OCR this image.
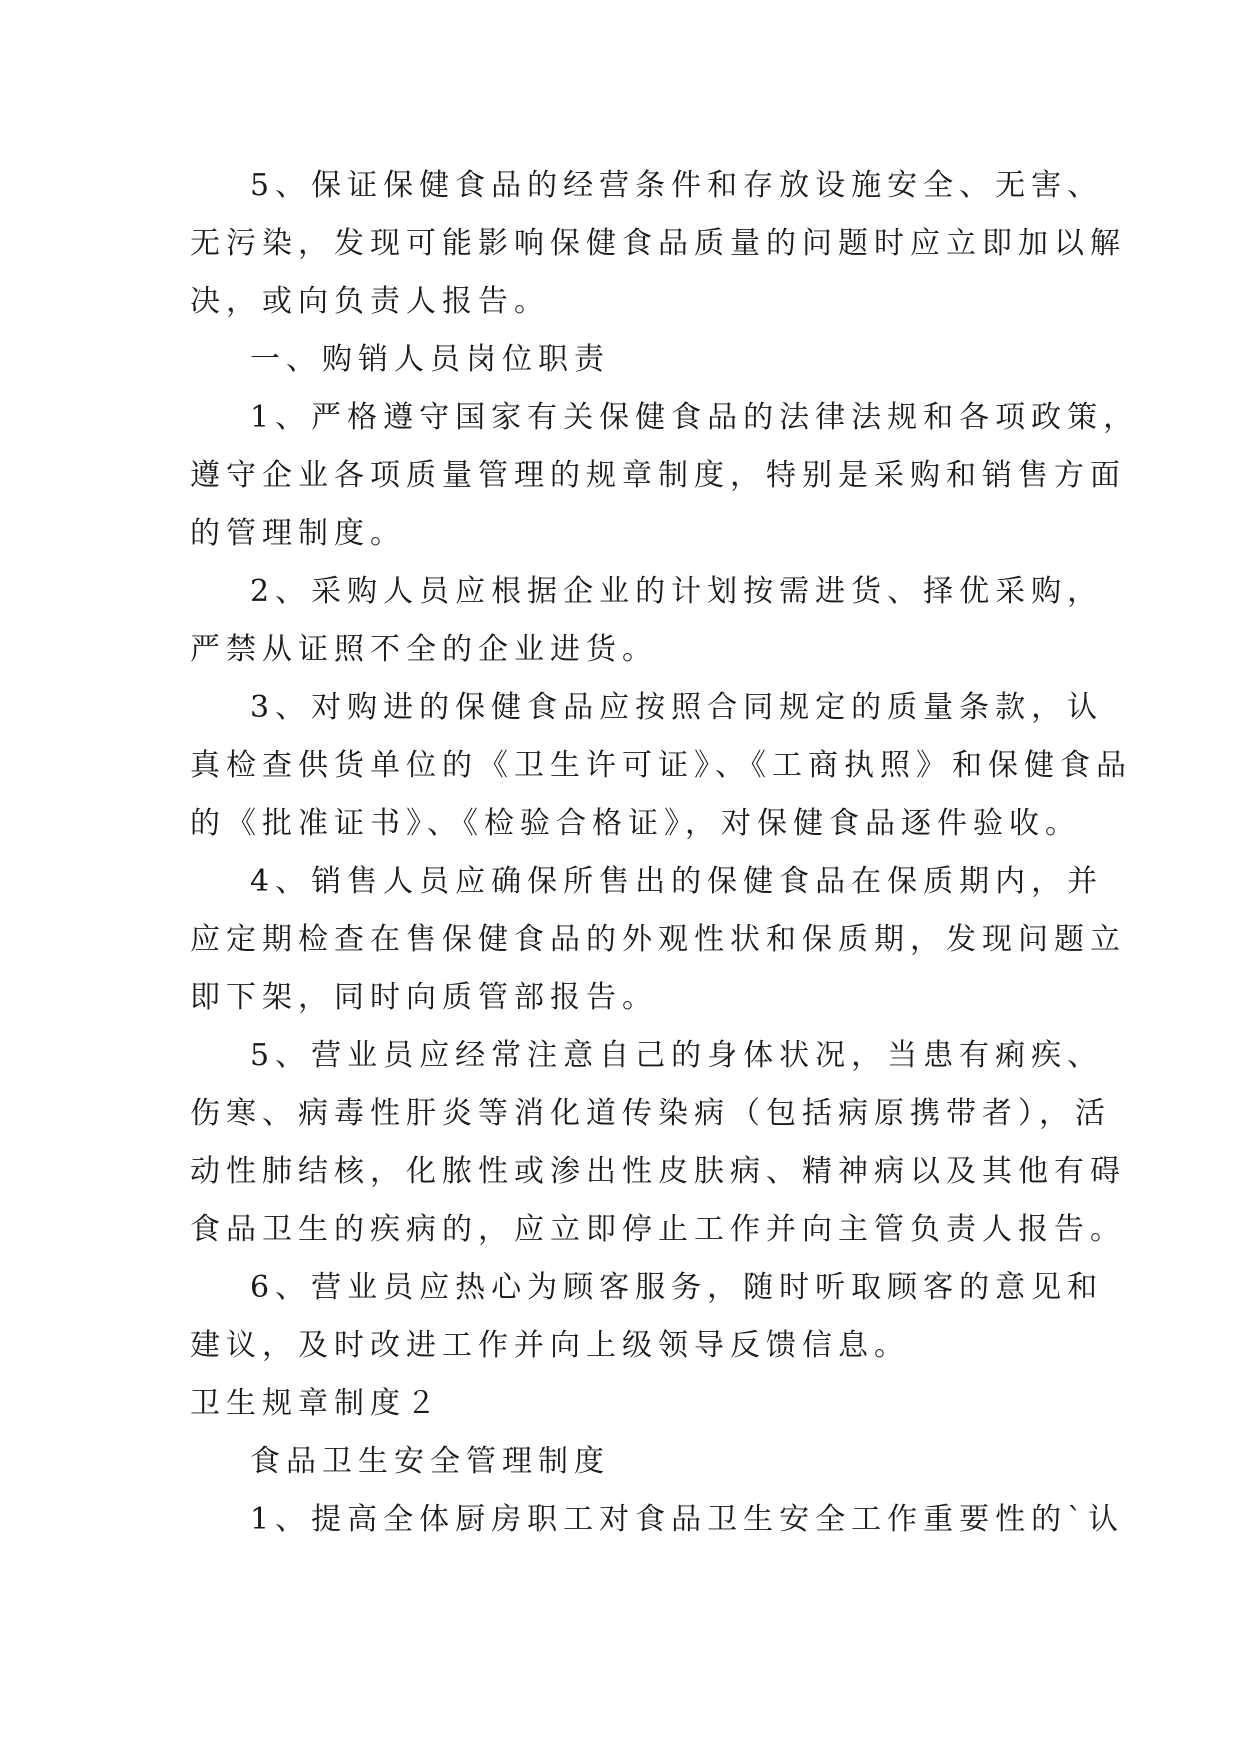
5、保证保健食品的经营条件和存放设施安全、无害、
无污染，发现可能影响保健食品质量的问题时应立即加以解
决，或向负责人报告。
一、购销人员岗位职责
1、严格遵守国家有关保健食品的法律法规和各项政策，
遵守企业各项质量管理的规章制度，特别是采购和销售方面
的管理制度。
2、采购人员应根据企业的计划按需进货、择优采购，
严禁从证照不全的企业进货。
3、对购进的保健食品应按照合同规定的质量条款，认
真检查供货单位的《卫生许可证》、《工商执照》和保健食品
的《批准证书》、《检验合格证》，对保健食品逐件验收。
4、销售人员应确保所售出的保健食品在保质期内，并
应定期检查在售保健食品的外观性状和保质期，发现问题立
即下架，同时向质管部报告。
5、营业员应经常注意自己的身体状况，当患有痢疾、
伤寒、病毒性肝炎等消化道传染病（包括病原携带者），活
动性肺结核，化脓性或渗出性皮肤病、精神病以及其他有碍
食品卫生的疾病的，应立即停止工作并向主管负责人报告。
6、营业员应热心为顾客服务，随时听取顾客的意见和
建议，及时改进工作并向上级领导反馈信息。
卫生规章制度２
食品卫生安全管理制度
1、提高全体厨房职工对食品卫生安全工作重要性的`认
